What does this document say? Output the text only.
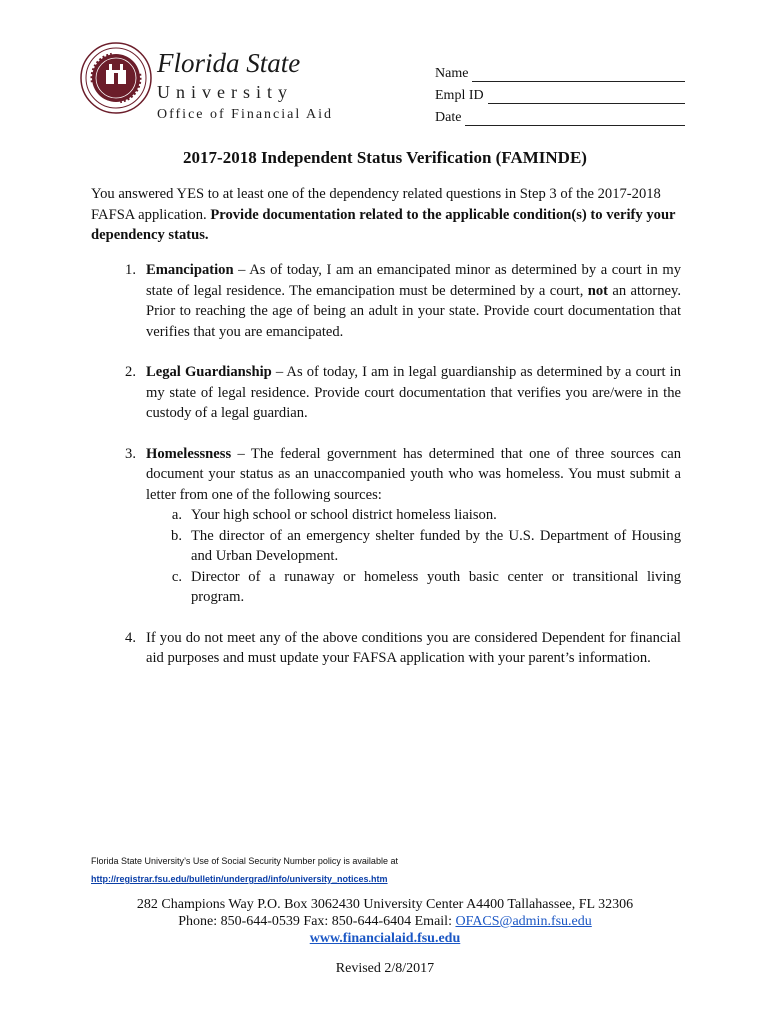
Florida State
University
Office of Financial Aid
Name
Empl ID
Date
2017-2018 Independent Status Verification (FAMINDE)
You answered YES to at least one of the dependency related questions in Step 3 of the 2017-2018 FAFSA application. Provide documentation related to the applicable condition(s) to verify your dependency status.
1. Emancipation – As of today, I am an emancipated minor as determined by a court in my state of legal residence. The emancipation must be determined by a court, not an attorney. Prior to reaching the age of being an adult in your state. Provide court documentation that verifies that you are emancipated.
2. Legal Guardianship – As of today, I am in legal guardianship as determined by a court in my state of legal residence. Provide court documentation that verifies you are/were in the custody of a legal guardian.
3. Homelessness – The federal government has determined that one of three sources can document your status as an unaccompanied youth who was homeless. You must submit a letter from one of the following sources:
a. Your high school or school district homeless liaison.
b. The director of an emergency shelter funded by the U.S. Department of Housing and Urban Development.
c. Director of a runaway or homeless youth basic center or transitional living program.
4. If you do not meet any of the above conditions you are considered Dependent for financial aid purposes and must update your FAFSA application with your parent’s information.
Florida State University’s Use of Social Security Number policy is available at
http://registrar.fsu.edu/bulletin/undergrad/info/university_notices.htm
282 Champions Way P.O. Box 3062430 University Center A4400 Tallahassee, FL 32306
Phone: 850-644-0539 Fax: 850-644-6404 Email: OFACS@admin.fsu.edu
www.financialaid.fsu.edu
Revised 2/8/2017
